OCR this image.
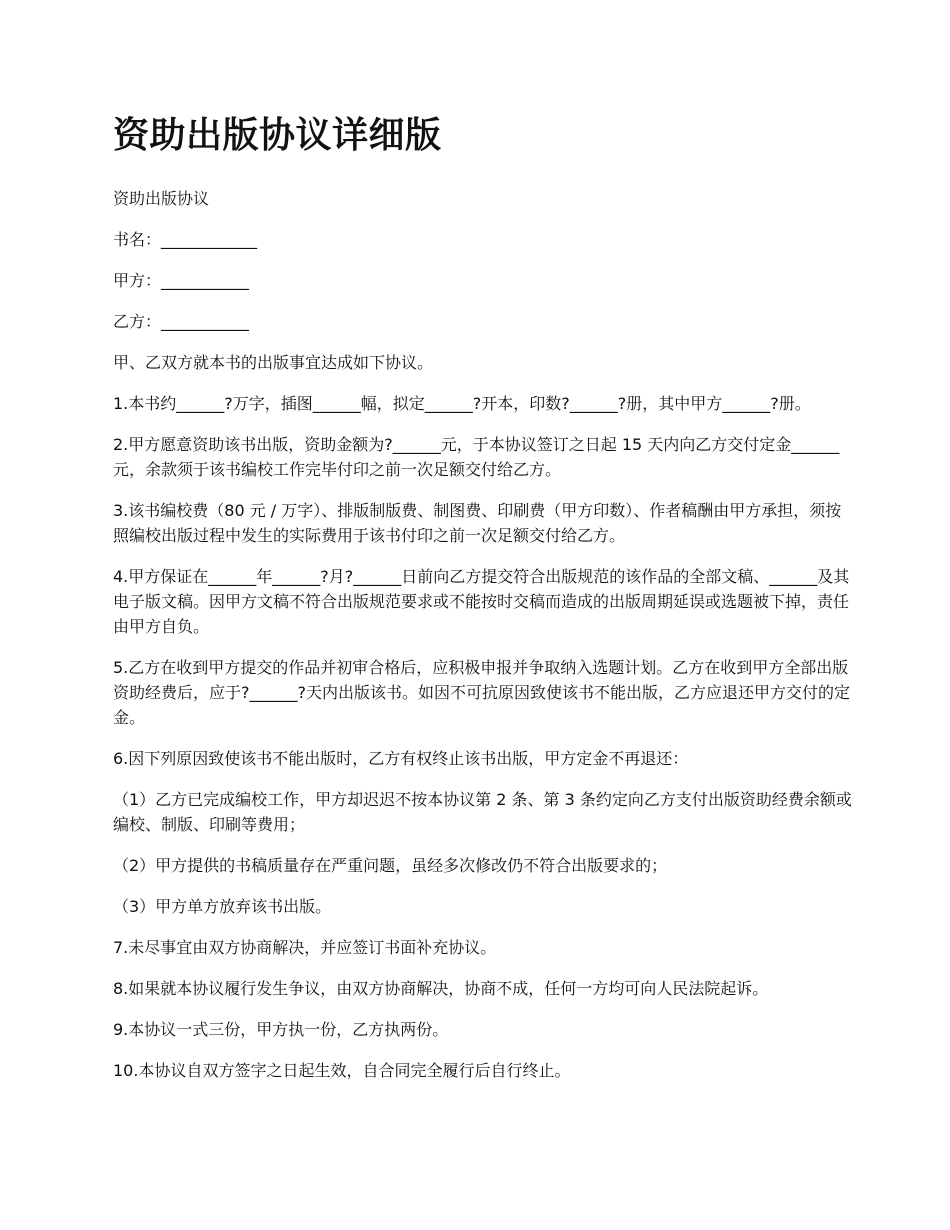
资助出版协议详细版

资助出版协议

书名：____________

甲方：___________

乙方：___________

甲、乙双方就本书的出版事宜达成如下协议。

1.本书约______?万字，插图______幅，拟定______?开本，印数?______?册，其中甲方______?册。

2.甲方愿意资助该书出版，资助金额为?______元，于本协议签订之日起 15 天内向乙方交付定金______元，余款须于该书编校工作完毕付印之前一次足额交付给乙方。

3.该书编校费（80 元 / 万字）、排版制版费、制图费、印刷费（甲方印数）、作者稿酬由甲方承担，须按照编校出版过程中发生的实际费用于该书付印之前一次足额交付给乙方。

4.甲方保证在______年______?月?______日前向乙方提交符合出版规范的该作品的全部文稿、______及其电子版文稿。因甲方文稿不符合出版规范要求或不能按时交稿而造成的出版周期延误或选题被下掉，责任由甲方自负。

5.乙方在收到甲方提交的作品并初审合格后，应积极申报并争取纳入选题计划。乙方在收到甲方全部出版资助经费后，应于?______?天内出版该书。如因不可抗原因致使该书不能出版，乙方应退还甲方交付的定金。

6.因下列原因致使该书不能出版时，乙方有权终止该书出版，甲方定金不再退还：

（1）乙方已完成编校工作，甲方却迟迟不按本协议第 2 条、第 3 条约定向乙方支付出版资助经费余额或编校、制版、印刷等费用；

（2）甲方提供的书稿质量存在严重问题，虽经多次修改仍不符合出版要求的；

（3）甲方单方放弃该书出版。

7.未尽事宜由双方协商解决，并应签订书面补充协议。

8.如果就本协议履行发生争议，由双方协商解决，协商不成，任何一方均可向人民法院起诉。

9.本协议一式三份，甲方执一份，乙方执两份。

10.本协议自双方签字之日起生效，自合同完全履行后自行终止。
